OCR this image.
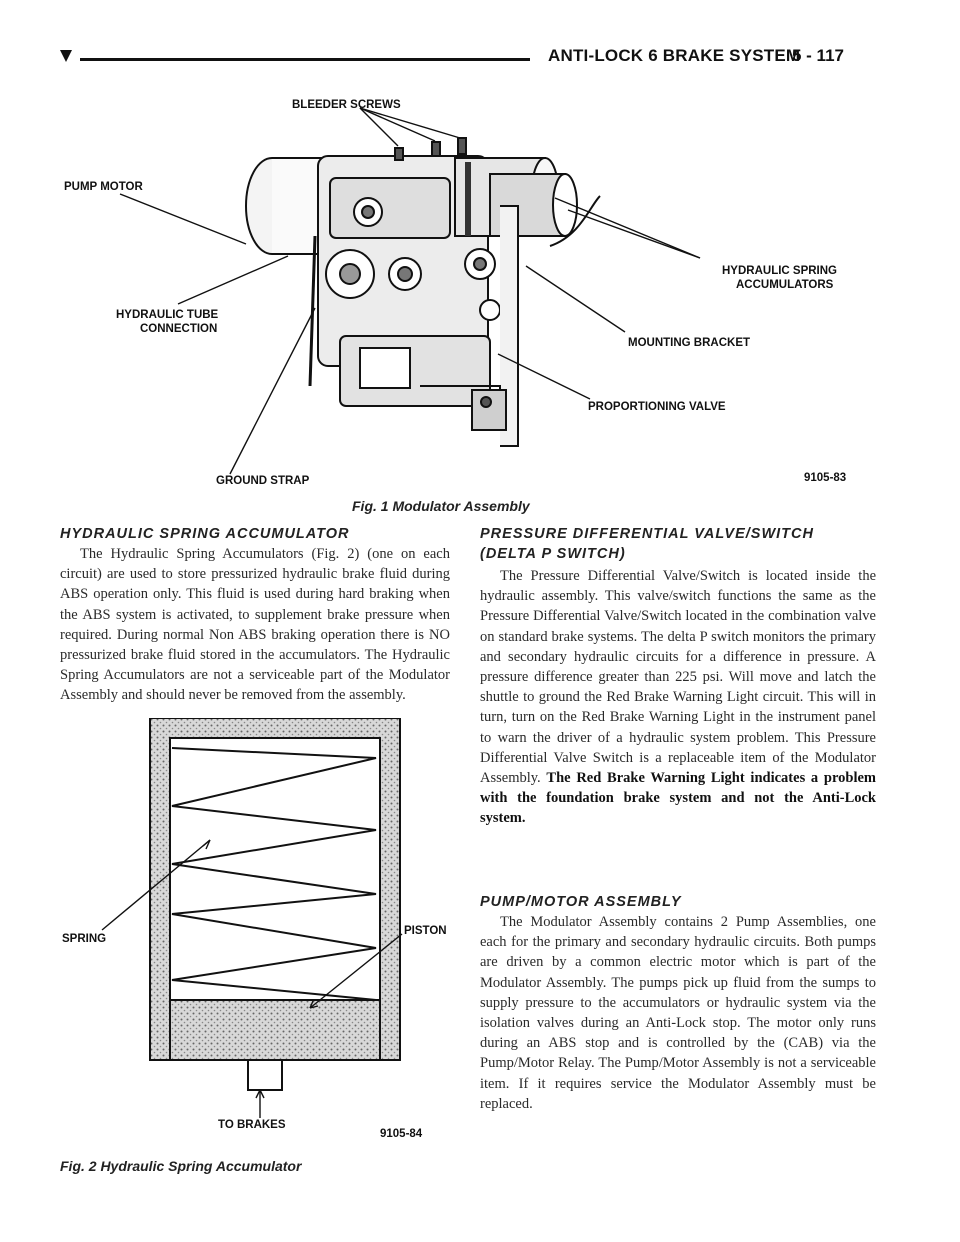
ANTI-LOCK 6 BRAKE SYSTEM
5 - 117
BLEEDER SCREWS
PUMP MOTOR
HYDRAULIC SPRING
ACCUMULATORS
HYDRAULIC TUBE
CONNECTION
MOUNTING BRACKET
PROPORTIONING VALVE
GROUND STRAP	9105-83
Fig. 1 Modulator Assembly
HYDRAULIC SPRING ACCUMULATOR

The Hydraulic Spring Accumulators (Fig. 2) (one on each circuit) are used to store pressurized hydraulic brake fluid during ABS operation only. This fluid is used during hard braking when the ABS system is activated, to supplement brake pressure when required. During normal Non ABS braking operation there is NO pressurized brake fluid stored in the accumulators. The Hydraulic Spring Accumulators are not a serviceable part of the Modulator Assembly and should never be removed from the assembly.

SPRING
PISTON
TO BRAKES
9105-84
Fig. 2 Hydraulic Spring Accumulator
PRESSURE DIFFERENTIAL VALVE/SWITCH
(DELTA P SWITCH)

The Pressure Differential Valve/Switch is located inside the hydraulic assembly. This valve/switch functions the same as the Pressure Differential Valve/Switch located in the combination valve on standard brake systems. The delta P switch monitors the primary and secondary hydraulic circuits for a difference in pressure. A pressure difference greater than 225 psi. Will move and latch the shuttle to ground the Red Brake Warning Light circuit. This will in turn, turn on the Red Brake Warning Light in the instrument panel to warn the driver of a hydraulic system problem. This Pressure Differential Valve Switch is a replaceable item of the Modulator Assembly. The Red Brake Warning Light indicates a problem with the foundation brake system and not the Anti-Lock system.

PUMP/MOTOR ASSEMBLY

The Modulator Assembly contains 2 Pump Assemblies, one each for the primary and secondary hydraulic circuits. Both pumps are driven by a common electric motor which is part of the Modulator Assembly. The pumps pick up fluid from the sumps to supply pressure to the accumulators or hydraulic system via the isolation valves during an Anti-Lock stop. The motor only runs during an ABS stop and is controlled by the (CAB) via the Pump/Motor Relay. The Pump/Motor Assembly is not a serviceable item. If it requires service the Modulator Assembly must be replaced.
